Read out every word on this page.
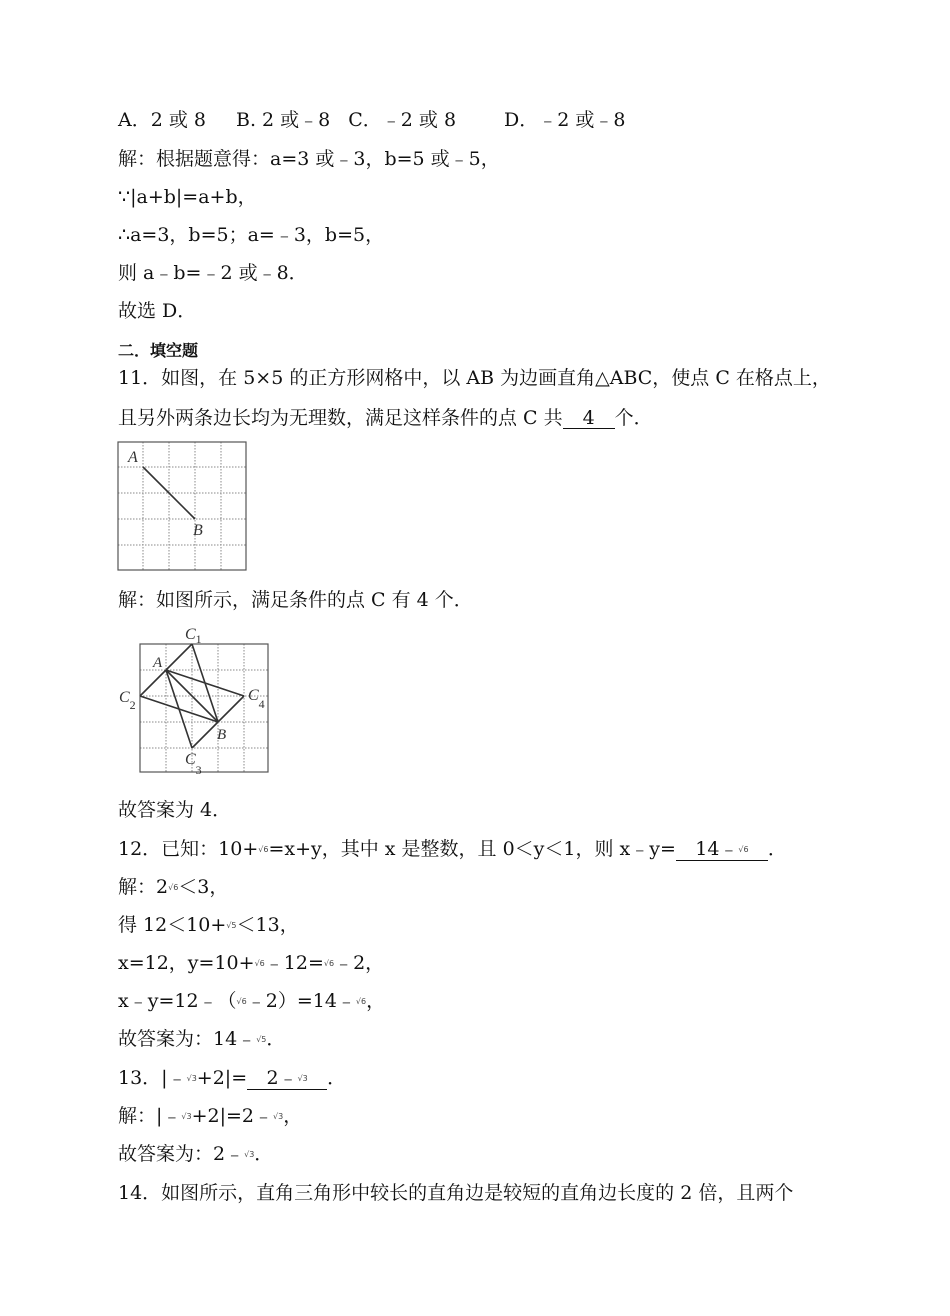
A．2 或 8 B. 2 或﹣8 C．﹣2 或 8	D．﹣2 或﹣8
解：根据题意得：a=3 或﹣3，b=5 或﹣5，
∵|a+b|=a+b，
∴a=3，b=5；a=﹣3，b=5，
则 a﹣b=﹣2 或﹣8．
故选 D．
二．填空题
11．如图，在 5×5 的正方形网格中，以 AB 为边画直角△ABC，使点 C 在格点上，
且另外两条边长均为无理数，满足这样条件的点 C 共 4 个．
A
B
解：如图所示，满足条件的点 C 有 4 个．
A
B
$C_1$
$C_2$
$C_3$
$C_4$
故答案为 4．
12．已知：10+√6=x+y，其中 x 是整数，且 0＜y＜1，则 x﹣y= 14﹣√6 ．
解：2√6＜3，
得 12＜10+√5＜13，
x=12，y=10+√6﹣12=√6﹣2，
x﹣y=12﹣（√6﹣2）=14﹣√6，
故答案为：14﹣√5．
13．|﹣√3+2|= 2﹣√3 ．
解：|﹣√3+2|=2﹣√3，
故答案为：2﹣√3．
14．如图所示，直角三角形中较长的直角边是较短的直角边长度的 2 倍，且两个
